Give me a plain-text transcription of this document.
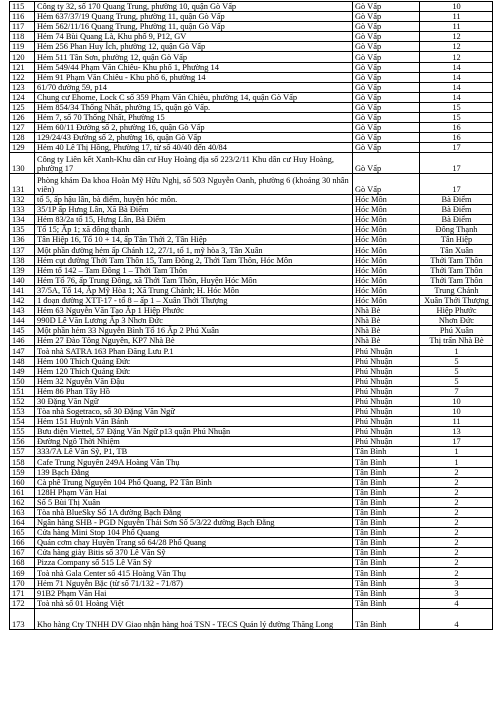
115	Công ty 32, số 170 Quang Trung, phường 10, quận Gò Vấp	Gò Vấp	10
116	Hẻm 637/37/19 Quang Trung, phường 11, quận Gò Vấp	Gò Vấp	11
117	Hẻm 562/11/16 Quang Trung, Phường 11, quận Gò Vấp	Gò Vấp	11
118	Hẻm 74 Bùi Quang Là, Khu phố 9, P12, GV	Gò Vấp	12
119	Hẻm 256 Phan Huy Ích, phường 12, quận Gò Vấp	Gò Vấp	12
120	Hẻm 511 Tân Sơn, phường 12, quận Gò Vấp	Gò Vấp	12
121	Hẻm 549/44 Phạm Văn Chiêu- Khu phố 1, Phường 14	Gò Vấp	14
122	Hẻm 91 Phạm Văn Chiêu - Khu phố 6, phường 14	Gò Vấp	14
123	61/70 đường 59, p14	Gò Vấp	14
124	Chung cư Ehome, Lock C số 359 Phạm Văn Chiêu, phường 14, quận Gò Vấp	Gò Vấp	14
125	Hẻm 854/34 Thống Nhất, phường 15, quận gò Vấp.	Gò Vấp	15
126	Hẻm 7, số 70 Thống Nhất, Phường 15	Gò Vấp	15
127	Hẻm 60/11 Đường số 2, phường 16, quận Gò Vấp	Gò Vấp	16
128	129/24/43 Đường số 2, phường 16, quận Gò Vấp	Gò Vấp	16
129	Hẻm 40 Lê Thị Hồng, Phường 17, từ số 40/40 đến 40/84	Gò Vấp	17
130	Công ty Liên kết Xanh-Khu dân cư Huy Hoàng địa số 223/2/11 Khu dân cư Huy Hoàng, phường 17	Gò Vấp	17
131	Phòng khám Đa khoa Hoàn Mỹ Hữu Nghị, số 503 Nguyễn Oanh, phường 6 (khoảng 30 nhân viên)	Gò Vấp	17
132	tổ 5, ấp hậu lân, bà điểm, huyện hóc môn.	Hóc Môn	Bà Điểm
133	35/1P ấp Hưng Lân, Xã Bà Điểm	Hóc Môn	Bà Điểm
134	Hẻm 83/2a tổ 15, Hưng Lân, Bà Điểm	Hóc Môn	Bà Điểm
135	Tổ 15; Ấp 1; xã đông thạnh	Hóc Môn	Đông Thạnh
136	Tân Hiệp 16, Tổ 10 + 14, ấp Tân Thới 2, Tân Hiệp	Hóc Môn	Tân Hiệp
137	Một phần đường hẻm ấp Chánh 12, 27/1, tổ 1, mỹ hòa 3, Tân Xuân	Hóc Môn	Tân Xuân
138	Hẻm cụt đường Thới Tam Thôn 15, Tam Đông 2, Thới Tam Thôn, Hóc Môn	Hóc Môn	Thới Tam Thôn
139	Hẻm tổ 142 – Tam Đông 1 – Thới Tam Thôn	Hóc Môn	Thới Tam Thôn
140	Hẻm Tổ 76, ấp Trung Đông, xã Thới Tam Thôn, Huyện Hóc Môn	Hóc Môn	Thới Tam Thôn
141	37/5A, Tổ 14, Ấp Mỹ Hòa 1; Xã Trung Chánh; H. Hóc Môn	Hóc Môn	Trung Chánh
142	1 đoạn đường XTT-17 - tổ 8 – ấp 1 – Xuân Thới Thượng	Hóc Môn	Xuân Thới Thượng
143	Hẻm 63 Nguyễn Văn Tạo Ấp 1 Hiệp Phước	Nhà Bè	Hiệp Phước
144	990D Lê Văn Lương Ấp 3 Nhơn Đức	Nhà Bè	Nhơn Đức
145	Một phần hẻm 33 Nguyễn Bình Tổ 16 Ấp 2 Phú Xuân	Nhà Bè	Phú Xuân
146	Hẻm 27 Đào Tông Nguyên, KP7 Nhà Bè	Nhà Bè	Thị trấn Nhà Bè
147	Toà nhà SATRA 163 Phan Đăng Lưu P.1	Phú Nhuận	1
148	Hẻm 100 Thích Quảng Đức	Phú Nhuận	5
149	Hẻm 120 Thích Quảng Đức	Phú Nhuận	5
150	Hẻm 32 Nguyễn Văn Đậu	Phú Nhuận	5
151	Hẻm 86 Phan Tây Hồ	Phú Nhuận	7
152	30 Đặng Văn Ngữ	Phú Nhuận	10
153	Tòa nhà Sogetraco, số 30 Đặng Văn Ngữ	Phú Nhuận	10
154	Hẻm 151 Huỳnh Văn Bánh	Phú Nhuận	11
155	Bưu điện Viettel, 57 Đặng Văn Ngữ p13 quận Phú Nhuận	Phú Nhuận	13
156	Đường Ngô Thời Nhiệm	Phú Nhuận	17
157	333/7A Lê Văn Sỹ, P1, TB	Tân Bình	1
158	Cafe Trung Nguyên 249A Hoàng Văn Thụ	Tân Bình	1
159	139 Bạch Đằng	Tân Bình	2
160	Cà phê Trung Nguyên 104 Phổ Quang, P2 Tân Bình	Tân Bình	2
161	128H Phạm Văn Hai	Tân Bình	2
162	Số 5 Bùi Thị Xuân	Tân Bình	2
163	Tòa nhà BlueSky Số 1A đường Bạch Đằng	Tân Bình	2
164	Ngân hàng SHB - PGD Nguyễn Thái Sơn Số 5/3/22 đường Bạch Đằng	Tân Bình	2
165	Cửa hàng Mini Stop 104 Phổ Quang	Tân Bình	2
166	Quán cơm chay Huyền Trang số 64/28 Phổ Quang	Tân Bình	2
167	Cửa hàng giày Bitis số 370 Lê Văn Sỹ	Tân Bình	2
168	Pizza Company số 515 Lê Văn Sỹ	Tân Bình	2
169	Toà nhà Gala Center số 415 Hoàng Văn Thụ	Tân Bình	2
170	Hẻm 71 Nguyễn Bặc (từ số 71/132 - 71/87)	Tân Bình	3
171	91B2 Phạm Văn Hai	Tân Bình	3
172	Toà nhà số 01 Hoàng Việt	Tân Bình	4
173	Kho hàng Cty TNHH DV Giao nhận hàng hoá TSN - TECS Quản lý đường Thăng Long	Tân Bình	4
